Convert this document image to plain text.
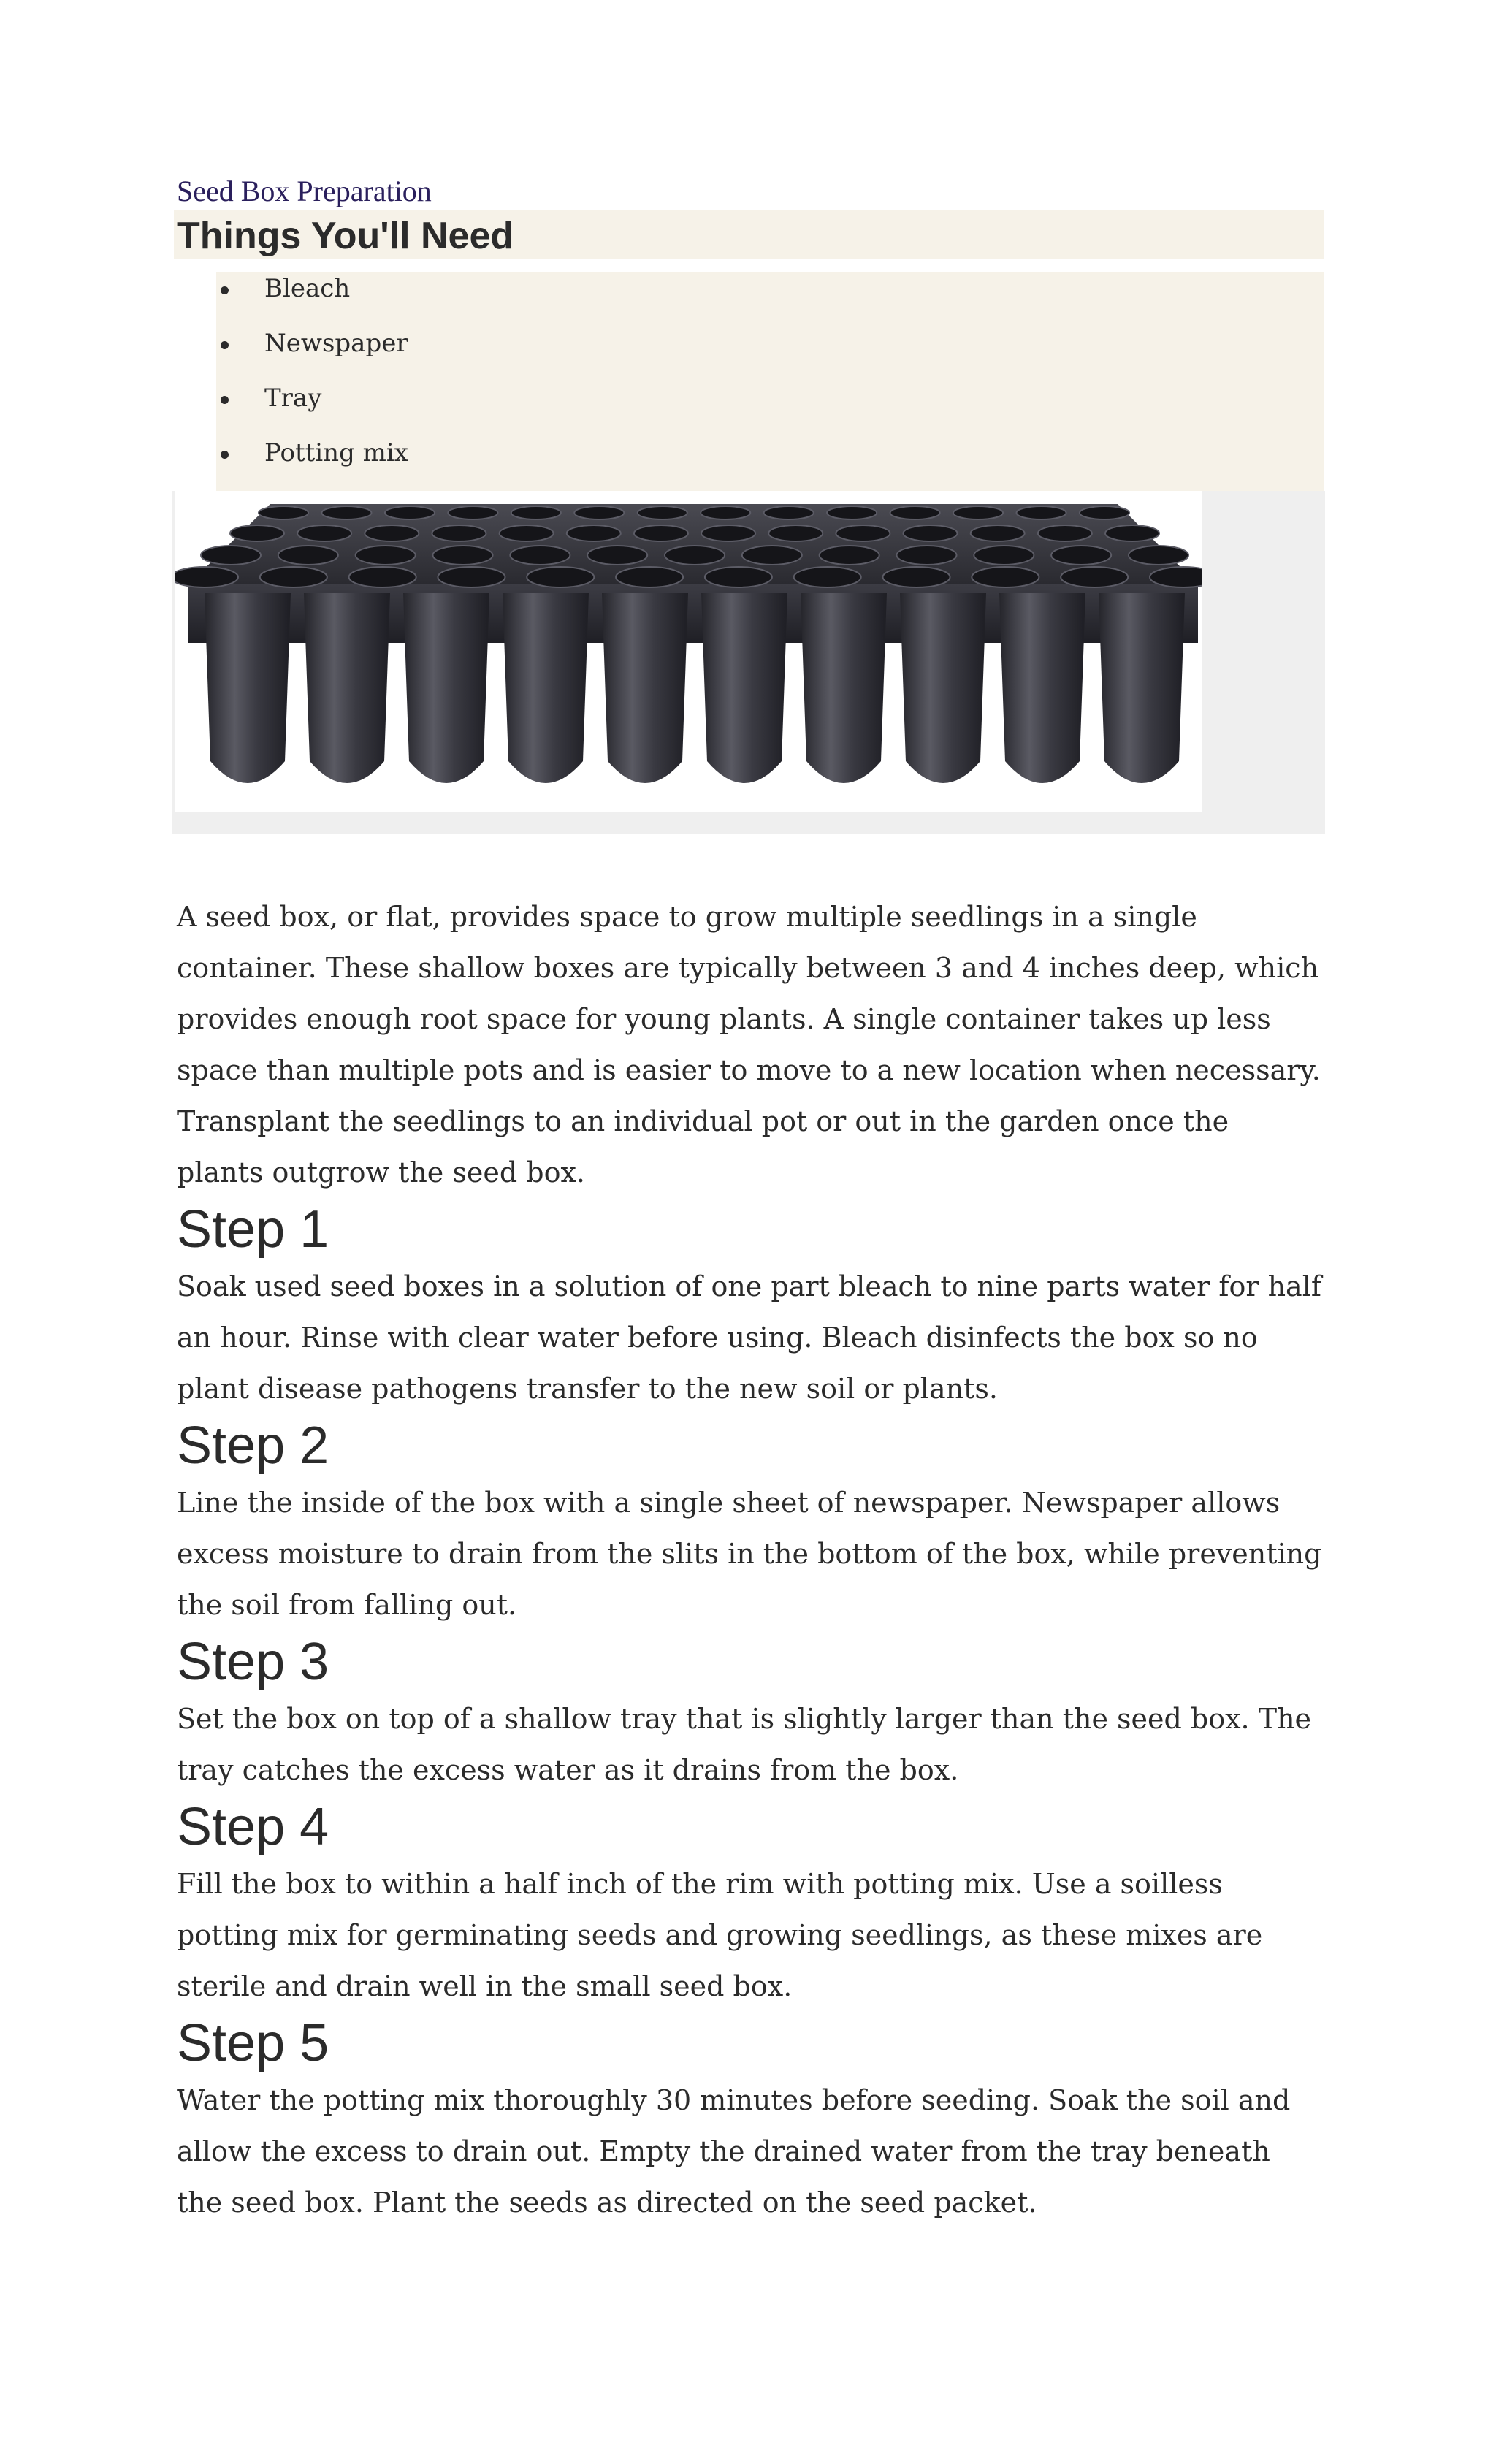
Seed Box Preparation
Things You'll Need
Bleach
Newspaper
Tray
Potting mix

A seed box, or flat, provides space to grow multiple seedlings in a single container. These shallow boxes are typically between 3 and 4 inches deep, which provides enough root space for young plants. A single container takes up less space than multiple pots and is easier to move to a new location when necessary. Transplant the seedlings to an individual pot or out in the garden once the plants outgrow the seed box.

Step 1

Soak used seed boxes in a solution of one part bleach to nine parts water for half an hour. Rinse with clear water before using. Bleach disinfects the box so no plant disease pathogens transfer to the new soil or plants.

Step 2

Line the inside of the box with a single sheet of newspaper. Newspaper allows excess moisture to drain from the slits in the bottom of the box, while preventing the soil from falling out.

Step 3

Set the box on top of a shallow tray that is slightly larger than the seed box. The tray catches the excess water as it drains from the box.

Step 4

Fill the box to within a half inch of the rim with potting mix. Use a soilless potting mix for germinating seeds and growing seedlings, as these mixes are sterile and drain well in the small seed box.

Step 5

Water the potting mix thoroughly 30 minutes before seeding. Soak the soil and allow the excess to drain out. Empty the drained water from the tray beneath the seed box. Plant the seeds as directed on the seed packet.
